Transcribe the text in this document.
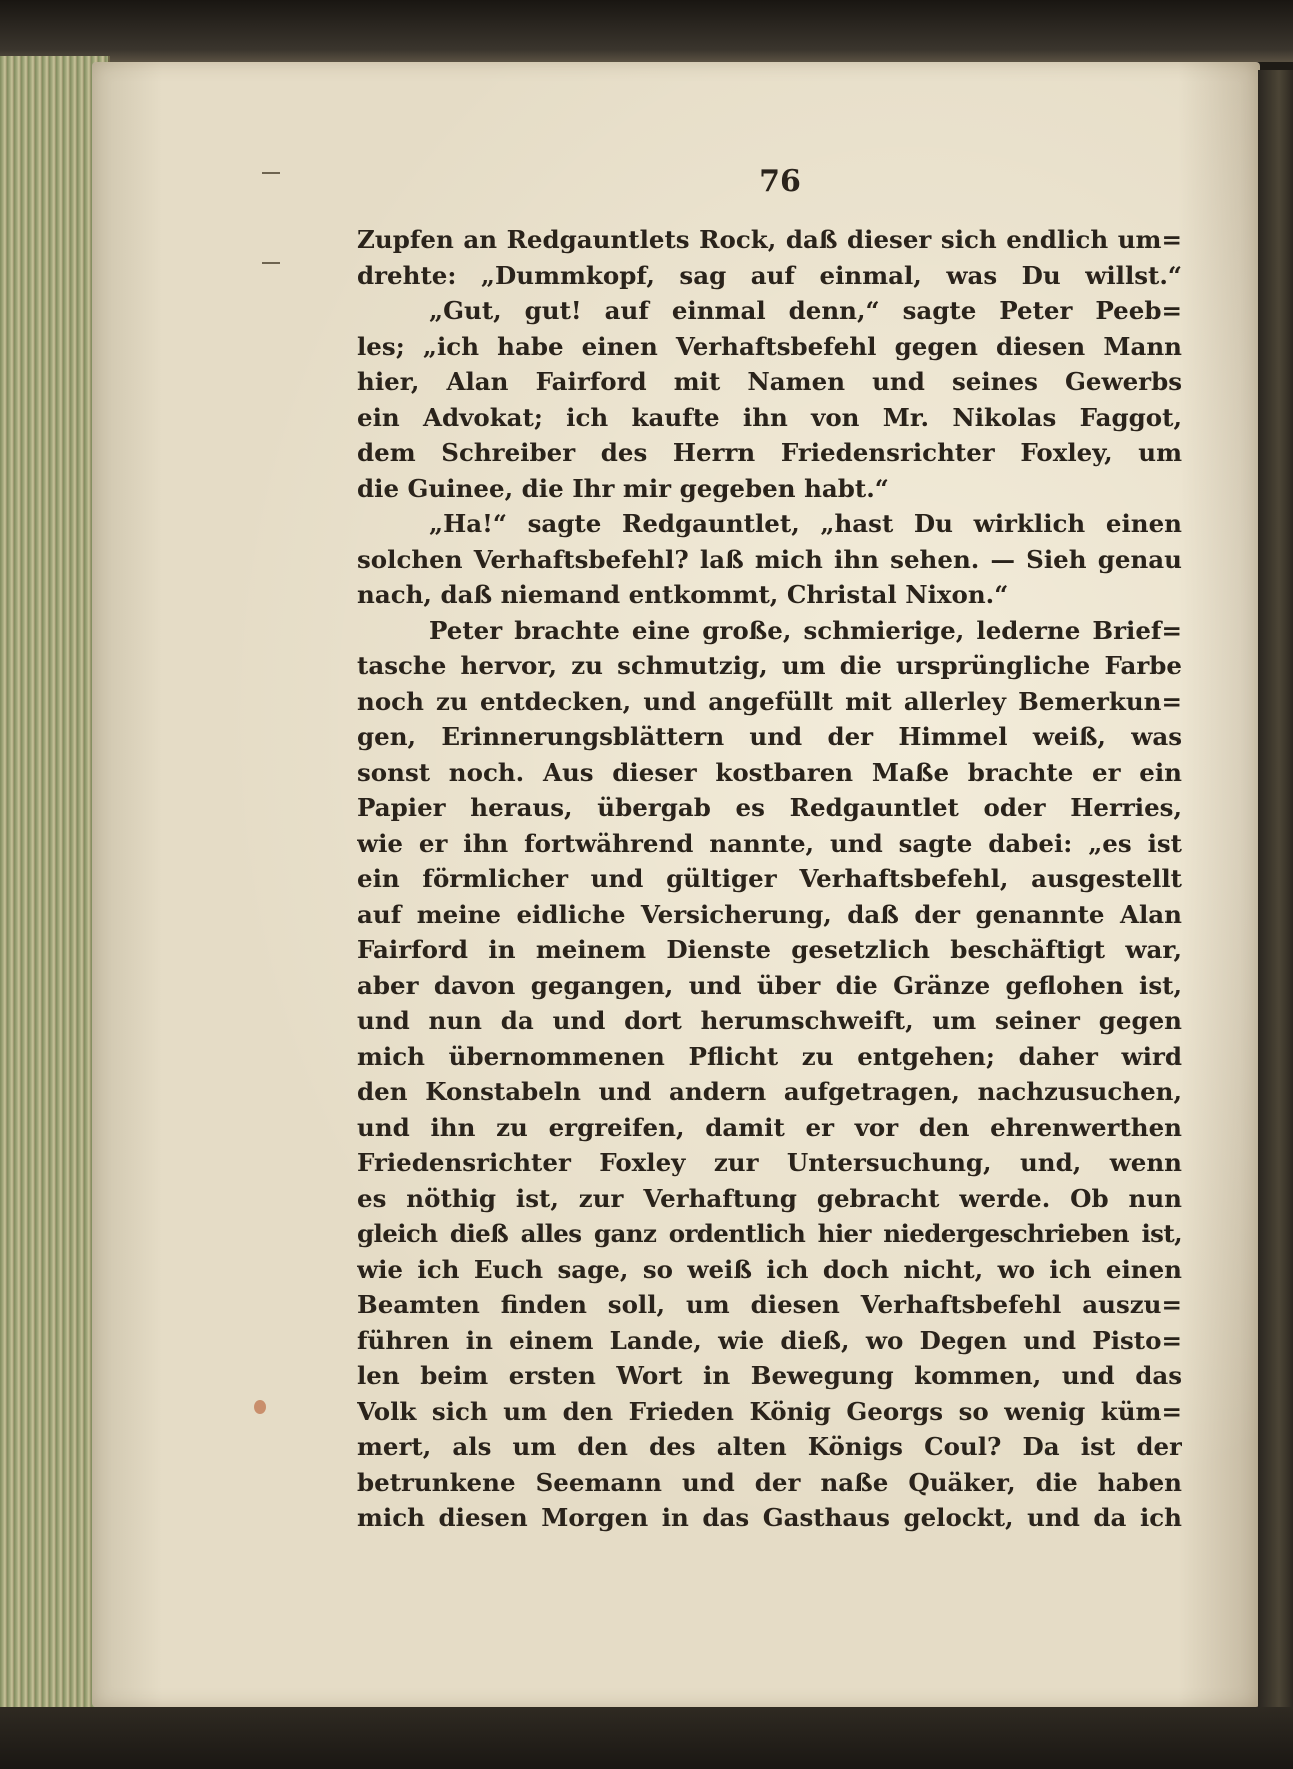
76
Zupfen an Redgauntlets Rock, daß dieser sich endlich um=
drehte: „Dummkopf, sag auf einmal, was Du willst.“
„Gut, gut! auf einmal denn,“ sagte Peter Peeb=
les; „ich habe einen Verhaftsbefehl gegen diesen Mann
hier, Alan Fairford mit Namen und seines Gewerbs
ein Advokat; ich kaufte ihn von Mr. Nikolas Faggot,
dem Schreiber des Herrn Friedensrichter Foxley, um
die Guinee, die Ihr mir gegeben habt.“
„Ha!“ sagte Redgauntlet, „hast Du wirklich einen
solchen Verhaftsbefehl? laß mich ihn sehen. — Sieh genau
nach, daß niemand entkommt, Christal Nixon.“
Peter brachte eine große, schmierige, lederne Brief=
tasche hervor, zu schmutzig, um die ursprüngliche Farbe
noch zu entdecken, und angefüllt mit allerley Bemerkun=
gen, Erinnerungsblättern und der Himmel weiß, was
sonst noch. Aus dieser kostbaren Maße brachte er ein
Papier heraus, übergab es Redgauntlet oder Herries,
wie er ihn fortwährend nannte, und sagte dabei: „es ist
ein förmlicher und gültiger Verhaftsbefehl, ausgestellt
auf meine eidliche Versicherung, daß der genannte Alan
Fairford in meinem Dienste gesetzlich beschäftigt war,
aber davon gegangen, und über die Gränze geflohen ist,
und nun da und dort herumschweift, um seiner gegen
mich übernommenen Pflicht zu entgehen; daher wird
den Konstabeln und andern aufgetragen, nachzusuchen,
und ihn zu ergreifen, damit er vor den ehrenwerthen
Friedensrichter Foxley zur Untersuchung, und, wenn
es nöthig ist, zur Verhaftung gebracht werde. Ob nun
gleich dieß alles ganz ordentlich hier niedergeschrieben ist,
wie ich Euch sage, so weiß ich doch nicht, wo ich einen
Beamten finden soll, um diesen Verhaftsbefehl auszu=
führen in einem Lande, wie dieß, wo Degen und Pisto=
len beim ersten Wort in Bewegung kommen, und das
Volk sich um den Frieden König Georgs so wenig küm=
mert, als um den des alten Königs Coul? Da ist der
betrunkene Seemann und der naße Quäker, die haben
mich diesen Morgen in das Gasthaus gelockt, und da ich
